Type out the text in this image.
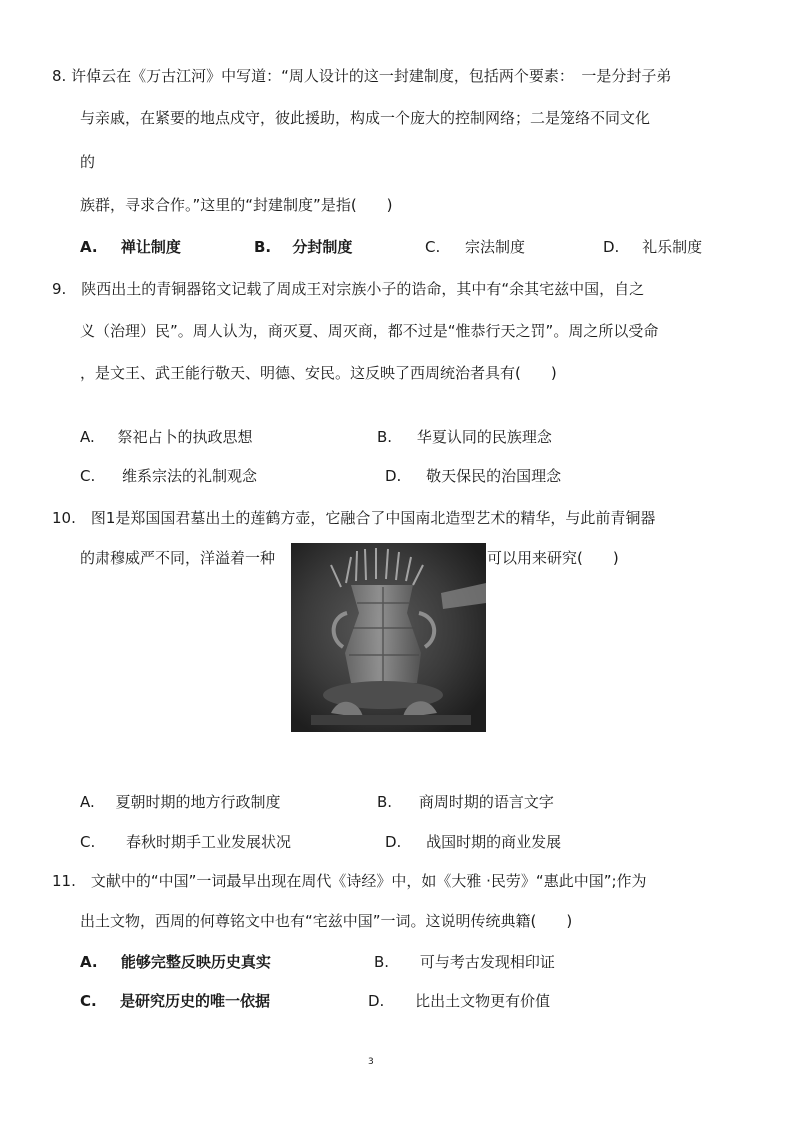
8. 许倬云在《万古江河》中写道：“周人设计的这一封建制度，包括两个要素：　一是分封子弟
与亲戚，在紧要的地点戍守，彼此援助，构成一个庞大的控制网络；二是笼络不同文化
的
族群，寻求合作。”这里的“封建制度”是指(　　)
A. 禅让制度	B. 分封制度	C. 宗法制度	D. 礼乐制度
9.　陕西出土的青铜器铭文记载了周成王对宗族小子的诰命，其中有“余其宅兹中国，自之
义（治理）民”。周人认为，商灭夏、周灭商，都不过是“惟恭行天之罚”。周之所以受命
，是文王、武王能行敬天、明德、安民。这反映了西周统治者具有(　　)
A. 祭祀占卜的执政思想	B. 华夏认同的民族理念
C. 维系宗法的礼制观念	D. 敬天保民的治国理念
10.　图1是郑国国君墓出土的莲鹤方壶，它融合了中国南北造型艺术的精华，与此前青铜器
的肃穆威严不同，洋溢着一种	可以用来研究(　　)
A. 夏朝时期的地方行政制度	B. 商周时期的语言文字
C. 春秋时期手工业发展状况	D. 战国时期的商业发展
11.　文献中的“中国”一词最早出现在周代《诗经》中，如《大雅 ·民劳》“惠此中国”;作为
出土文物，西周的何尊铭文中也有“宅兹中国”一词。这说明传统典籍(　　)
A. 能够完整反映历史真实	B. 可与考古发现相印证
C. 是研究历史的唯一依据	D. 比出土文物更有价值
3
